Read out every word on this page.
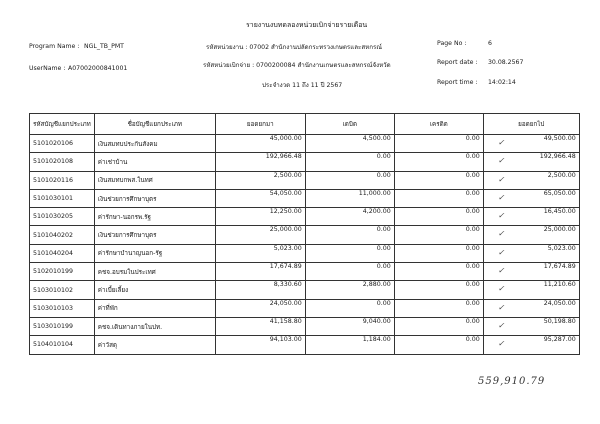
รายงานงบทดลองหน่วยเบิกจ่ายรายเดือน
Program Name : NGL_TB_PMT
UserName : A07002000841001
รหัสหน่วยงาน : 07002 สำนักงานปลัดกระทรวงเกษตรและสหกรณ์
รหัสหน่วยเบิกจ่าย : 0700200084 สำนักงานเกษตรและสหกรณ์จังหวัด
ประจำงวด 11 ถึง 11 ปี 2567
Page No :	6
Report date : 30.08.2567
Report time : 14:02:14
รหัสบัญชีแยกประเภท	ชื่อบัญชีแยกประเภท	ยอดยกมา	เดบิต	เครดิต	ยอดยกไป
5101020106	เงินสมทบประกันสังคม	45,000.00	4,500.00	0.00	✓ 49,500.00
5101020108	ค่าเช่าบ้าน	192,966.48	0.00	0.00	✓ 192,966.48
5101020116	เงินสมทบกพส.ในทศ	2,500.00	0.00	0.00	✓ 2,500.00
5101030101	เงินช่วยการศึกษาบุตร	54,050.00	11,000.00	0.00	✓ 65,050.00
5101030205	ค่ารักษา-นอกรพ.รัฐ	12,250.00	4,200.00	0.00	✓ 16,450.00
5101040202	เงินช่วยการศึกษาบุตร	25,000.00	0.00	0.00	✓ 25,000.00
5101040204	ค่ารักษาบำนาญนอก-รัฐ	5,023.00	0.00	0.00	✓ 5,023.00
5102010199	คชจ.อบรมในประเทศ	17,674.89	0.00	0.00	✓ 17,674.89
5103010102	ค่าเบี้ยเลี้ยง	8,330.60	2,880.00	0.00	✓ 11,210.60
5103010103	ค่าที่พัก	24,050.00	0.00	0.00	✓ 24,050.00
5103010199	คชจ.เดินทางภายในปท.	41,158.80	9,040.00	0.00	✓ 50,198.80
5104010104	ค่าวัสดุ	94,103.00	1,184.00	0.00	✓ 95,287.00
559,910.79
